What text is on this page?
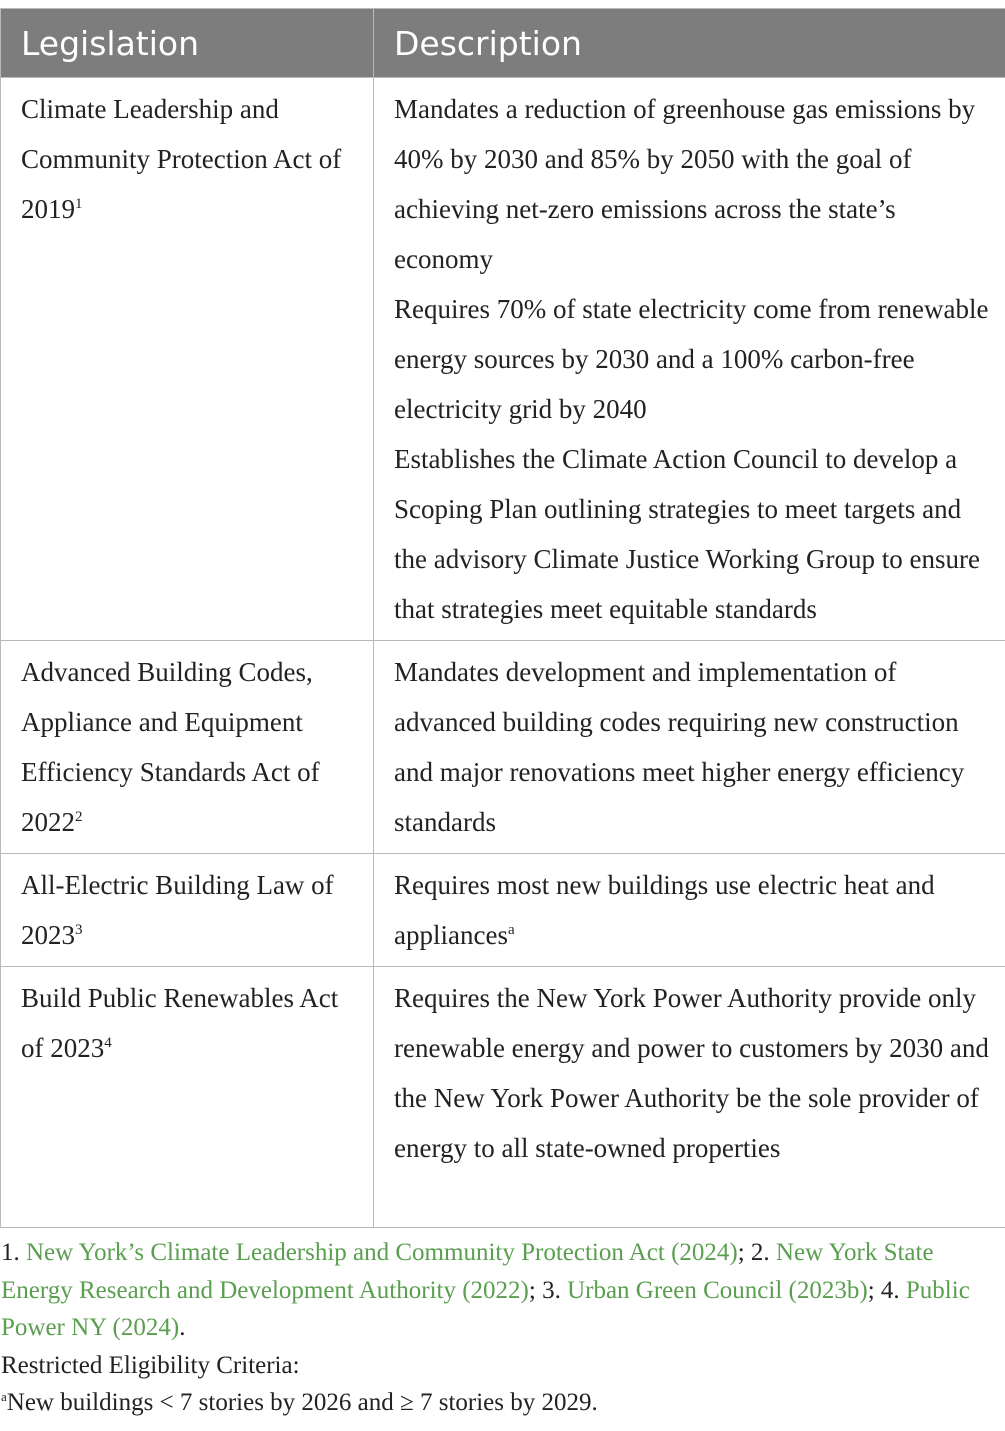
Legislation	Description
Climate Leadership and Community Protection Act of 2019$^1$	Mandates a reduction of greenhouse gas emissions by 40% by 2030 and 85% by 2050 with the goal of achieving net-zero emissions across the state’s economy
Requires 70% of state electricity come from renewable energy sources by 2030 and a 100% carbon-free electricity grid by 2040
Establishes the Climate Action Council to develop a Scoping Plan outlining strategies to meet targets and the advisory Climate Justice Working Group to ensure that strategies meet equitable standards

Advanced Building Codes, Appliance and Equipment Efficiency Standards Act of 2022$^2$	Mandates development and implementation of advanced building codes requiring new construction and major renovations meet higher energy efficiency standards

All-Electric Building Law of 2023$^3$	Requires most new buildings use electric heat and appliances$^a$
Build Public Renewables Act of 2023$^4$	Requires the New York Power Authority provide only renewable energy and power to customers by 2030 and the New York Power Authority be the sole provider of energy to all state-owned properties
1. New York’s Climate Leadership and Community Protection Act (2024); 2. New York State Energy Research and Development Authority (2022); 3. Urban Green Council (2023b); 4. Public Power NY (2024).
Restricted Eligibility Criteria:
$^a$New buildings < 7 stories by 2026 and ≥ 7 stories by 2029.
